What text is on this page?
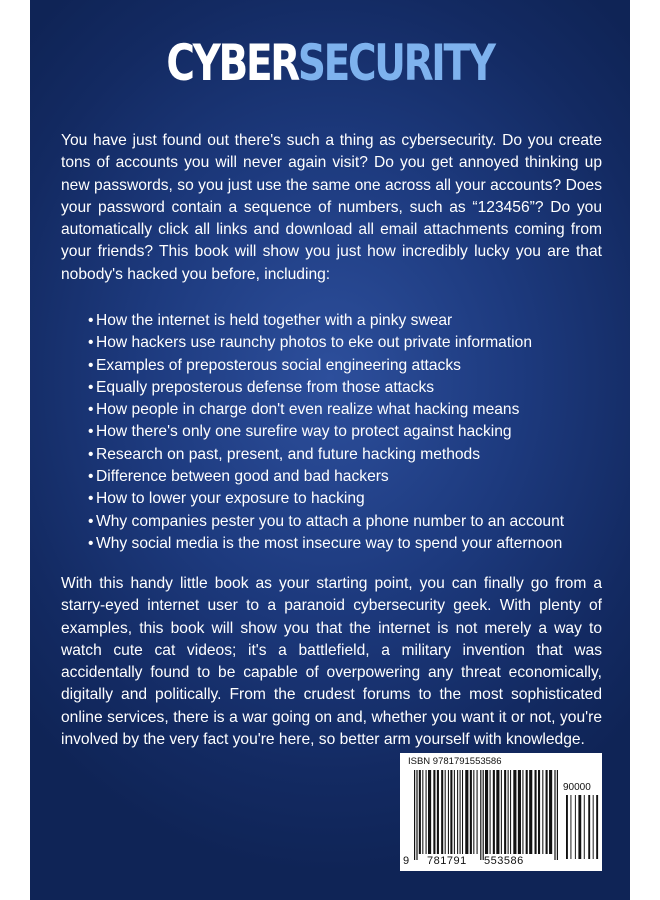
CYBERSECURITY

You have just found out there's such a thing as cybersecurity. Do you create tons of accounts you will never again visit? Do you get annoyed thinking up new passwords, so you just use the same one across all your accounts? Does your password contain a sequence of numbers, such as “123456”? Do you automatically click all links and download all email attachments coming from your friends? This book will show you just how incredibly lucky you are that nobody's hacked you before, including:

• How the internet is held together with a pinky swear
• How hackers use raunchy photos to eke out private information
• Examples of preposterous social engineering attacks
• Equally preposterous defense from those attacks
• How people in charge don't even realize what hacking means
• How there's only one surefire way to protect against hacking
• Research on past, present, and future hacking methods
• Difference between good and bad hackers
• How to lower your exposure to hacking
• Why companies pester you to attach a phone number to an account
• Why social media is the most insecure way to spend your afternoon

With this handy little book as your starting point, you can finally go from a starry-eyed internet user to a paranoid cybersecurity geek. With plenty of examples, this book will show you that the internet is not merely a way to watch cute cat videos; it's a battlefield, a military invention that was accidentally found to be capable of overpowering any threat economically, digitally and politically. From the crudest forums to the most sophisticated online services, there is a war going on and, whether you want it or not, you're involved by the very fact you're here, so better arm yourself with knowledge.

ISBN 9781791553586
90000
9 781791 553586
